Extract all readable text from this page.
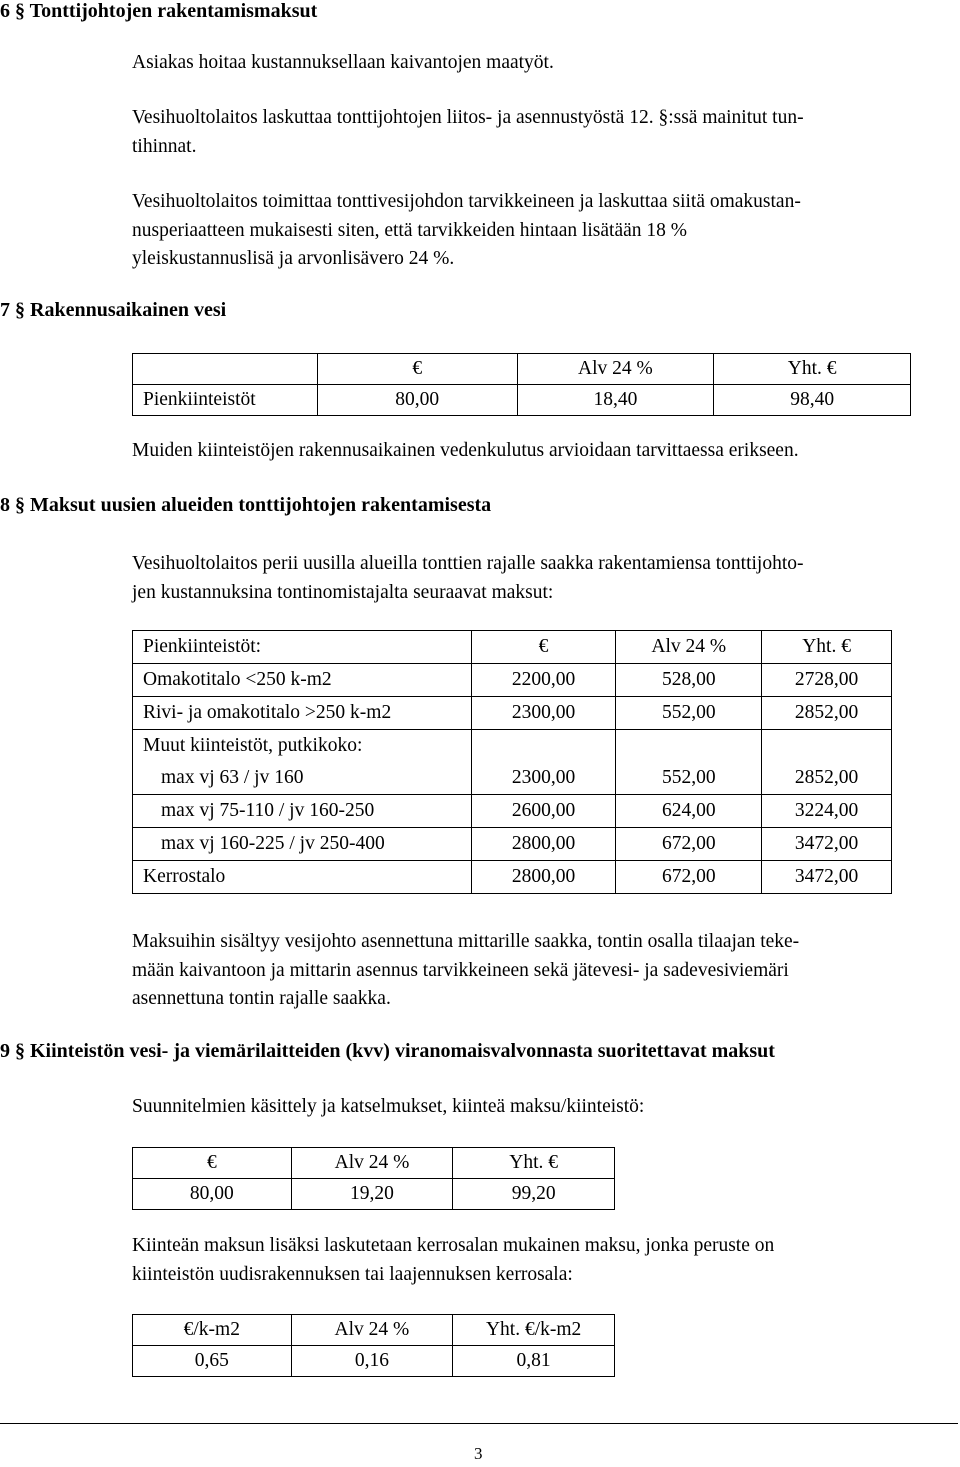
6 § Tonttijohtojen rakentamismaksut
Asiakas hoitaa kustannuksellaan kaivantojen maatyöt.
Vesihuoltolaitos laskuttaa tonttijohtojen liitos- ja asennustyöstä 12. §:ssä mainitut tun-
tihinnat.
Vesihuoltolaitos toimittaa tonttivesijohdon tarvikkeineen ja laskuttaa siitä omakustan-
nusperiaatteen mukaisesti siten, että tarvikkeiden hintaan lisätään 18 %
yleiskustannuslisä ja arvonlisävero 24 %.
7 § Rakennusaikainen vesi
	€	Alv 24 %	Yht. €
Pienkiinteistöt	80,00	18,40	98,40
Muiden kiinteistöjen rakennusaikainen vedenkulutus arvioidaan tarvittaessa erikseen.
8 § Maksut uusien alueiden tonttijohtojen rakentamisesta
Vesihuoltolaitos perii uusilla alueilla tonttien rajalle saakka rakentamiensa tonttijohto-
jen kustannuksina tontinomistajalta seuraavat maksut:
Pienkiinteistöt:	€	Alv 24 %	Yht. €
Omakotitalo <250 k-m2	2200,00	528,00	2728,00
Rivi- ja omakotitalo >250 k-m2	2300,00	552,00	2852,00
Muut kiinteistöt, putkikoko:			
max vj 63 / jv 160	2300,00	552,00	2852,00
max vj 75-110 / jv 160-250	2600,00	624,00	3224,00
max vj 160-225 / jv 250-400	2800,00	672,00	3472,00
Kerrostalo	2800,00	672,00	3472,00
Maksuihin sisältyy vesijohto asennettuna mittarille saakka, tontin osalla tilaajan teke-
mään kaivantoon ja mittarin asennus tarvikkeineen sekä jätevesi- ja sadevesiviemäri
asennettuna tontin rajalle saakka.
9 § Kiinteistön vesi- ja viemärilaitteiden (kvv) viranomaisvalvonnasta suoritettavat maksut
Suunnitelmien käsittely ja katselmukset, kiinteä maksu/kiinteistö:
€	Alv 24 %	Yht. €
80,00	19,20	99,20
Kiinteän maksun lisäksi laskutetaan kerrosalan mukainen maksu, jonka peruste on
kiinteistön uudisrakennuksen tai laajennuksen kerrosala:
€/k-m2	Alv 24 %	Yht. €/k-m2
0,65	0,16	0,81
3
